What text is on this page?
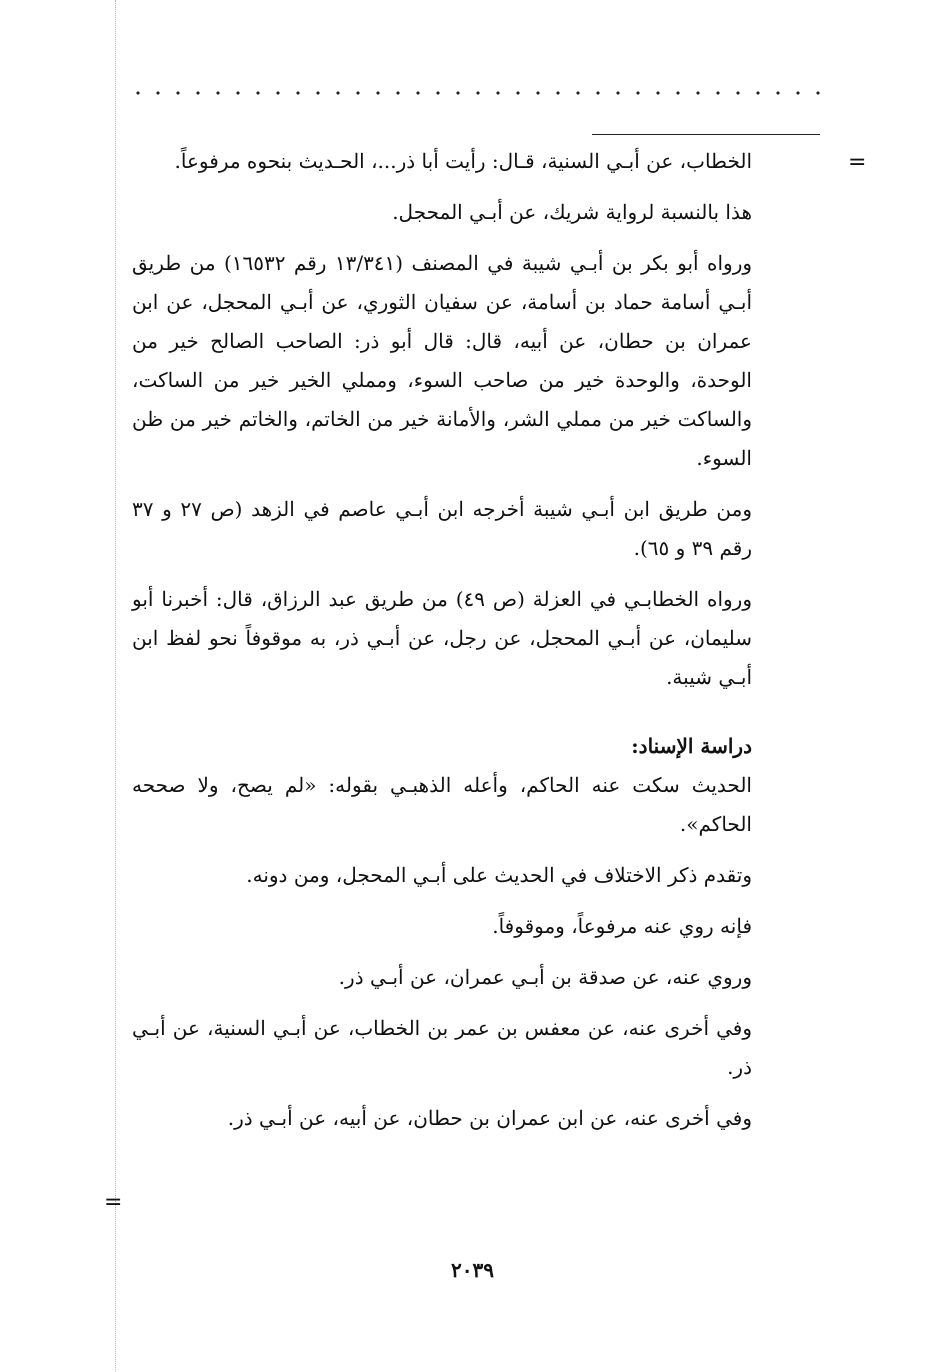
=
=

الخطاب، عن أبـي السنية، قـال: رأيت أبا ذر...، الحـديث بنحوه مرفوعاً.

هذا بالنسبة لرواية شريك، عن أبـي المحجل.

ورواه أبو بكر بن أبـي شيبة في المصنف (١٣/٣٤١ رقم ١٦٥٣٢) من طريق أبـي أسامة حماد بن أسامة، عن سفيان الثوري، عن أبـي المحجل، عن ابن عمران بن حطان، عن أبيه، قال: قال أبو ذر: الصاحب الصالح خير من الوحدة، والوحدة خير من صاحب السوء، ومملي الخير خير من الساكت، والساكت خير من مملي الشر، والأمانة خير من الخاتم، والخاتم خير من ظن السوء.

ومن طريق ابن أبـي شيبة أخرجه ابن أبـي عاصم في الزهد (ص ٢٧ و ٣٧ رقم ٣٩ و ٦٥).

ورواه الخطابـي في العزلة (ص ٤٩) من طريق عبد الرزاق، قال: أخبرنا أبو سليمان، عن أبـي المحجل، عن رجل، عن أبـي ذر، به موقوفاً نحو لفظ ابن أبـي شيبة.

دراسة الإسناد:

الحديث سكت عنه الحاكم، وأعله الذهبـي بقوله: «لم يصح، ولا صححه الحاكم».

وتقدم ذكر الاختلاف في الحديث على أبـي المحجل، ومن دونه.

فإنه روي عنه مرفوعاً، وموقوفاً.

وروي عنه، عن صدقة بن أبـي عمران، عن أبـي ذر.

وفي أخرى عنه، عن معفس بن عمر بن الخطاب، عن أبـي السنية، عن أبـي ذر.

وفي أخرى عنه، عن ابن عمران بن حطان، عن أبيه، عن أبـي ذر.

٢٠٣٩
